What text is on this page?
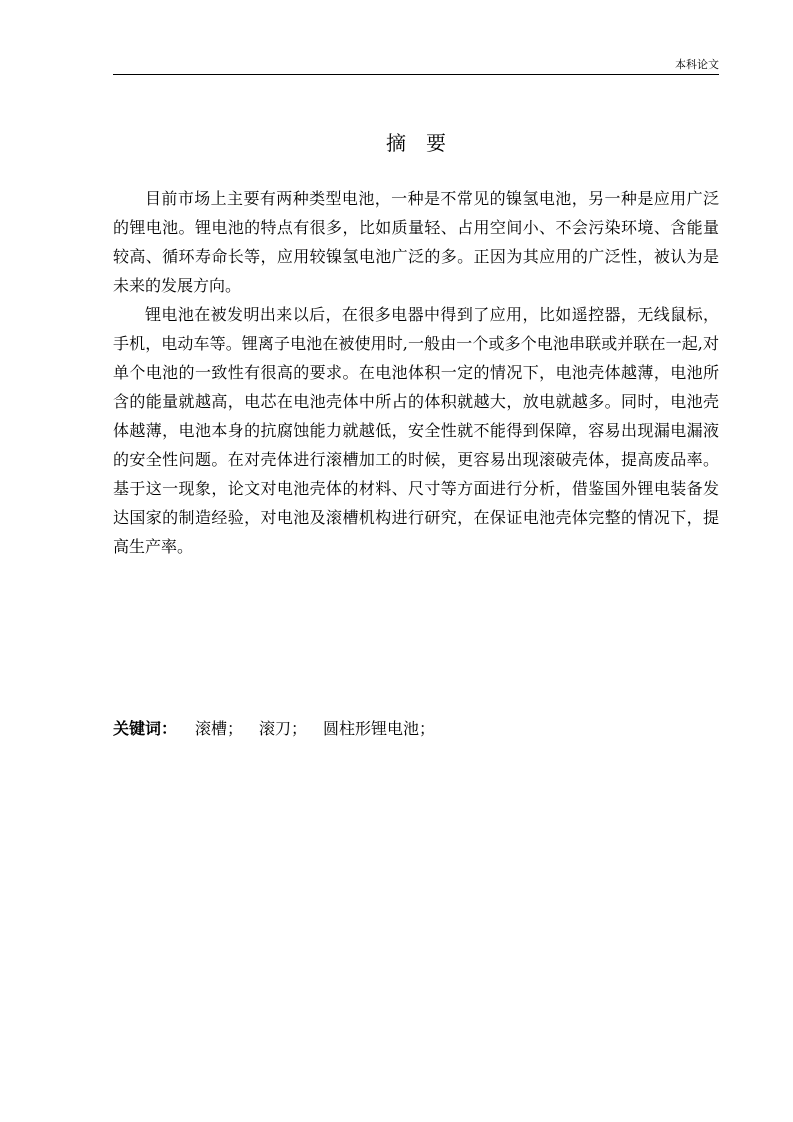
本科论文
摘　要

目前市场上主要有两种类型电池，一种是不常见的镍氢电池，另一种是应用广泛的锂电池。锂电池的特点有很多，比如质量轻、占用空间小、不会污染环境、含能量较高、循环寿命长等，应用较镍氢电池广泛的多。正因为其应用的广泛性，被认为是未来的发展方向。

锂电池在被发明出来以后，在很多电器中得到了应用，比如遥控器，无线鼠标，手机，电动车等。锂离子电池在被使用时,一般由一个或多个电池串联或并联在一起,对单个电池的一致性有很高的要求。在电池体积一定的情况下，电池壳体越薄，电池所含的能量就越高，电芯在电池壳体中所占的体积就越大，放电就越多。同时，电池壳体越薄，电池本身的抗腐蚀能力就越低，安全性就不能得到保障，容易出现漏电漏液的安全性问题。在对壳体进行滚槽加工的时候，更容易出现滚破壳体，提高废品率。基于这一现象，论文对电池壳体的材料、尺寸等方面进行分析，借鉴国外锂电装备发达国家的制造经验，对电池及滚槽机构进行研究，在保证电池壳体完整的情况下，提高生产率。

关键词： 滚槽； 滚刀； 圆柱形锂电池；
